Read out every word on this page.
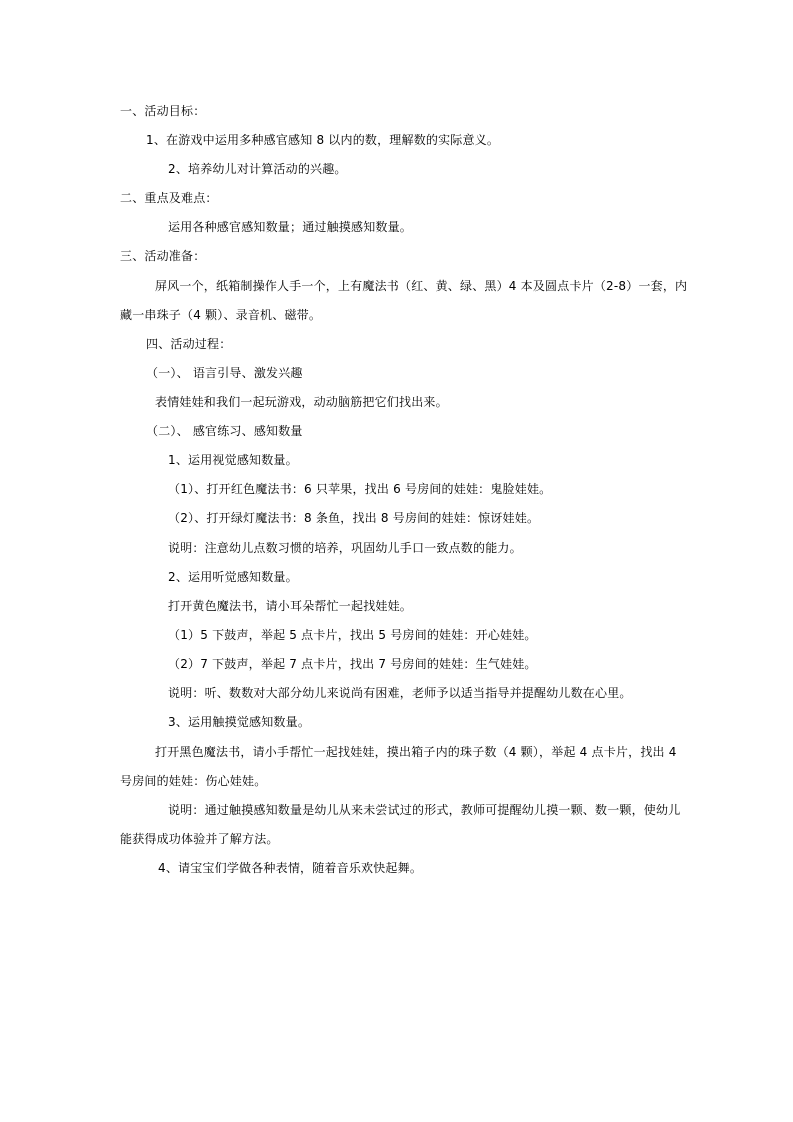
一、活动目标：
1、在游戏中运用多种感官感知 8 以内的数，理解数的实际意义。
2、培养幼儿对计算活动的兴趣。
二、重点及难点：
运用各种感官感知数量；通过触摸感知数量。
三、活动准备：
屏风一个，纸箱制操作人手一个，上有魔法书（红、黄、绿、黑）4 本及圆点卡片（2-8）一套，内
藏一串珠子（4 颗）、录音机、磁带。
四、活动过程：
（一）、 语言引导、激发兴趣
表情娃娃和我们一起玩游戏，动动脑筋把它们找出来。
（二）、 感官练习、感知数量
1、运用视觉感知数量。
（1）、打开红色魔法书：6 只苹果，找出 6 号房间的娃娃：鬼脸娃娃。
（2）、打开绿灯魔法书：8 条鱼，找出 8 号房间的娃娃：惊讶娃娃。
说明：注意幼儿点数习惯的培养，巩固幼儿手口一致点数的能力。
2、运用听觉感知数量。
打开黄色魔法书，请小耳朵帮忙一起找娃娃。
（1）5 下鼓声，举起 5 点卡片，找出 5 号房间的娃娃：开心娃娃。
（2）7 下鼓声，举起 7 点卡片，找出 7 号房间的娃娃：生气娃娃。
说明：听、数数对大部分幼儿来说尚有困难，老师予以适当指导并提醒幼儿数在心里。
3、运用触摸觉感知数量。
打开黑色魔法书，请小手帮忙一起找娃娃，摸出箱子内的珠子数（4 颗），举起 4 点卡片，找出 4
号房间的娃娃：伤心娃娃。
说明：通过触摸感知数量是幼儿从来未尝试过的形式，教师可提醒幼儿摸一颗、数一颗，使幼儿
能获得成功体验并了解方法。
4、请宝宝们学做各种表情，随着音乐欢快起舞。
